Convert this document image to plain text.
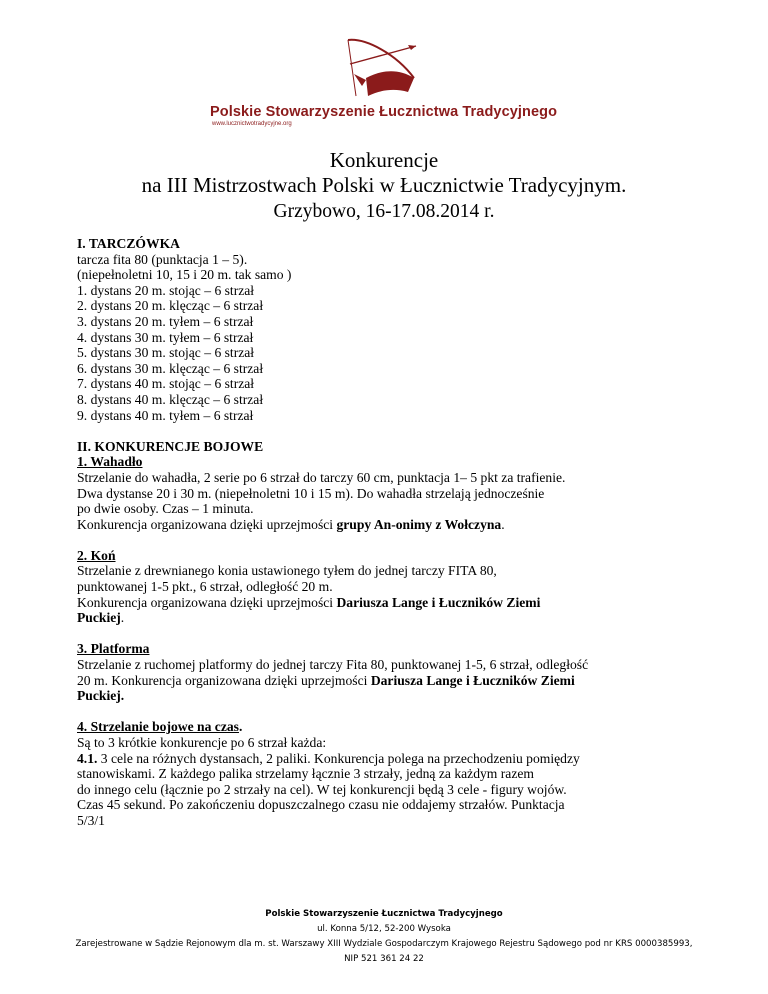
Polskie Stowarzyszenie Łucznictwa Tradycyjnego
www.lucznictwotradycyjne.org
Konkurencje
na III Mistrzostwach Polski w Łucznictwie Tradycyjnym.
Grzybowo, 16-17.08.2014 r.
I. TARCZÓWKA
tarcza fita 80 (punktacja 1 – 5).
(niepełnoletni 10, 15 i 20 m. tak samo )
1. dystans 20 m. stojąc – 6 strzał
2. dystans 20 m. klęcząc – 6 strzał
3. dystans 20 m. tyłem – 6 strzał
4. dystans 30 m. tyłem – 6 strzał
5. dystans 30 m. stojąc – 6 strzał
6. dystans 30 m. klęcząc – 6 strzał
7. dystans 40 m. stojąc – 6 strzał
8. dystans 40 m. klęcząc – 6 strzał
9. dystans 40 m. tyłem – 6 strzał
II. KONKURENCJE BOJOWE
1. Wahadło
Strzelanie do wahadła, 2 serie po 6 strzał do tarczy 60 cm, punktacja 1– 5 pkt za trafienie.
Dwa dystanse 20 i 30 m. (niepełnoletni 10 i 15 m). Do wahadła strzelają jednocześnie
po dwie osoby. Czas – 1 minuta.
Konkurencja organizowana dzięki uprzejmości grupy An-onimy z Wołczyna.
2. Koń
Strzelanie z drewnianego konia ustawionego tyłem do jednej tarczy FITA 80,
punktowanej 1-5 pkt., 6 strzał, odległość 20 m.
Konkurencja organizowana dzięki uprzejmości Dariusza Lange i Łuczników Ziemi
Puckiej.
3. Platforma
Strzelanie z ruchomej platformy do jednej tarczy Fita 80, punktowanej 1-5, 6 strzał, odległość
20 m. Konkurencja organizowana dzięki uprzejmości Dariusza Lange i Łuczników Ziemi
Puckiej.
4. Strzelanie bojowe na czas.
Są to 3 krótkie konkurencje po 6 strzał każda:
4.1. 3 cele na różnych dystansach, 2 paliki. Konkurencja polega na przechodzeniu pomiędzy
stanowiskami. Z każdego palika strzelamy łącznie 3 strzały, jedną za każdym razem
do innego celu (łącznie po 2 strzały na cel). W tej konkurencji będą 3 cele - figury wojów.
Czas 45 sekund. Po zakończeniu dopuszczalnego czasu nie oddajemy strzałów. Punktacja
5/3/1
Polskie Stowarzyszenie Łucznictwa Tradycyjnego
ul. Konna 5/12, 52-200 Wysoka
Zarejestrowane w Sądzie Rejonowym dla m. st. Warszawy XIII Wydziale Gospodarczym Krajowego Rejestru Sądowego pod nr KRS 0000385993,
NIP 521 361 24 22
